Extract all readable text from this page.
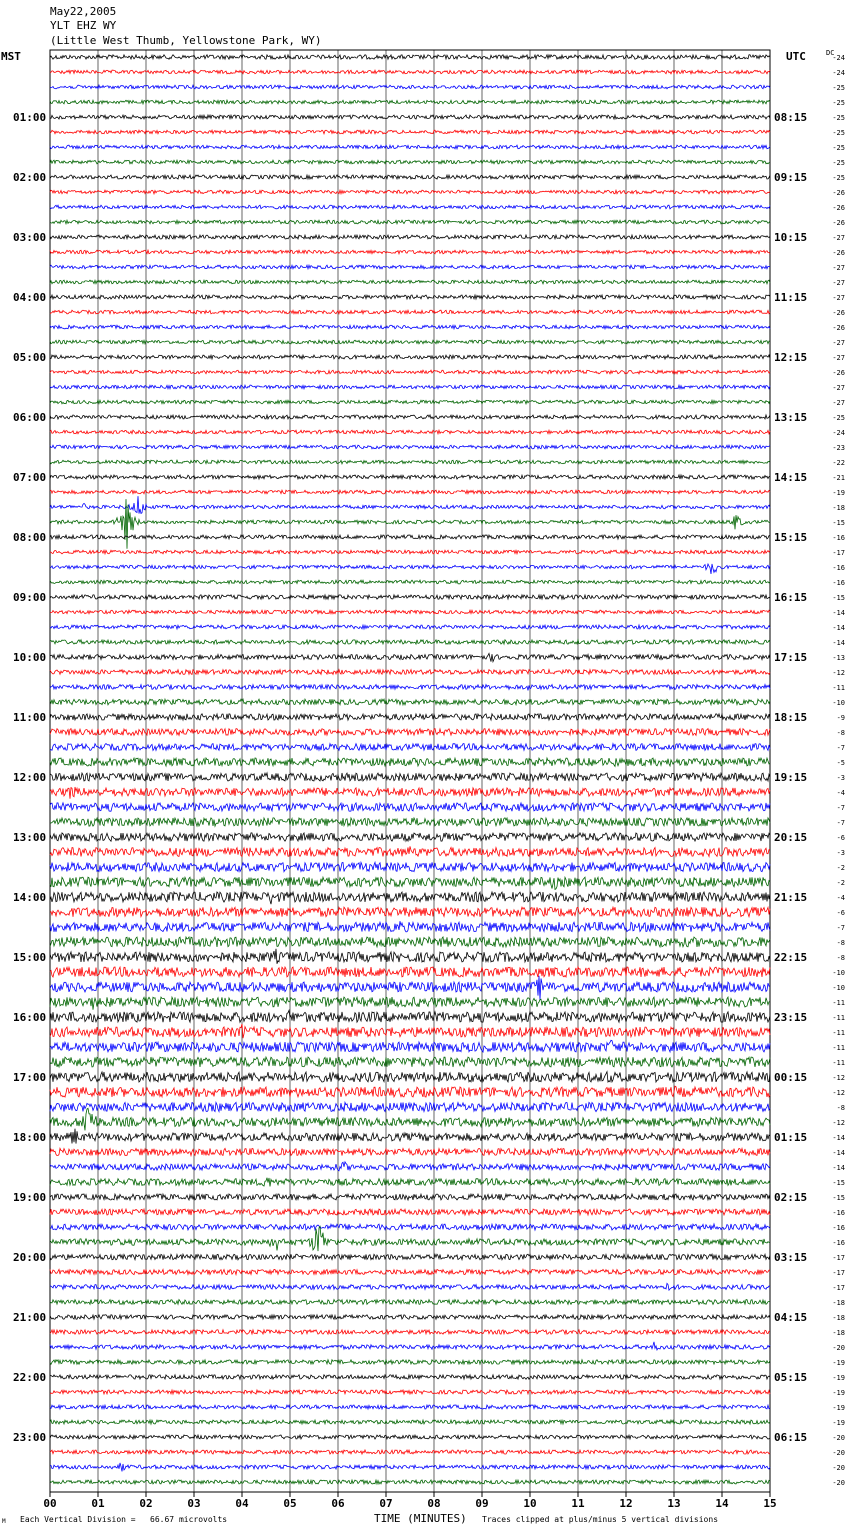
May22,2005
YLT EHZ WY
(Little West Thumb, Yellowstone Park, WY)
MST	UTC	DC
01:00
02:00
03:00
04:00
05:00
06:00
07:00
08:00
09:00
10:00
11:00
12:00
13:00
14:00
15:00
16:00
17:00
18:00
19:00
20:00
21:00
22:00
23:00
08:15
09:15
10:15
11:15
12:15
13:15
14:15
15:15
16:15
17:15
18:15
19:15
20:15
21:15
22:15
23:15
00:15
01:15
02:15
03:15
04:15
05:15
06:15
-24
-24
-25
-25
-25
-25
-25
-25
-25
-26
-26
-26
-27
-26
-27
-27
-27
-26
-26
-27
-27
-26
-27
-27
-25
-24
-23
-22
-21
-19
-18
-15
-16
-17
-16
-16
-15
-14
-14
-14
-13
-12
-11
-10
-9
-8
-7
-5
-3
-4
-7
-7
-6
-3
-2
-2
-4
-6
-7
-8
-8
-10
-10
-11
-11
-11
-11
-11
-12
-12
-8
-12
-14
-14
-14
-15
-15
-16
-16
-16
-17
-17
-17
-18
-18
-18
-20
-19
-19
-19
-19
-19
-20
-20
-20
-20
00	01	02	03	04	05	06	07	08	09	10	11	12	13	14	15
M Each Vertical Division =   66.67 microvolts	TIME (MINUTES) Traces clipped at plus/minus 5 vertical divisions
